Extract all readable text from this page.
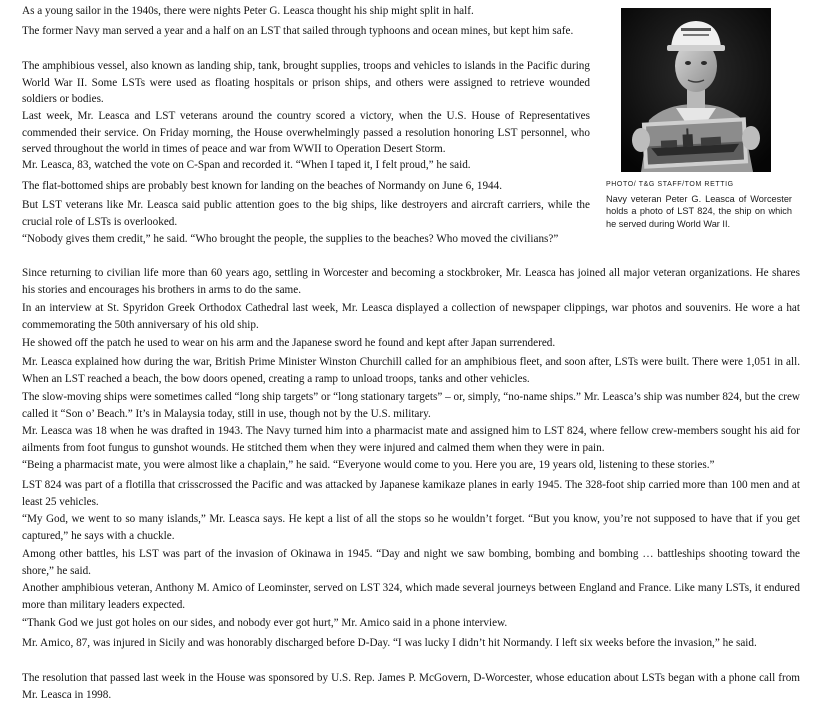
As a young sailor in the 1940s, there were nights Peter G. Leasca thought his ship might split in half.

The former Navy man served a year and a half on an LST that sailed through typhoons and ocean mines, but kept him safe.

The amphibious vessel, also known as landing ship, tank, brought supplies, troops and vehicles to islands in the Pacific during World War II. Some LSTs were used as floating hospitals or prison ships, and others were assigned to retrieve wounded soldiers or bodies.

Last week, Mr. Leasca and LST veterans around the country scored a victory, when the U.S. House of Representatives commended their service. On Friday morning, the House overwhelmingly passed a resolution honoring LST personnel, who served throughout the world in times of peace and war from WWII to Operation Desert Storm.

Mr. Leasca, 83, watched the vote on C-Span and recorded it. “When I taped it, I felt proud,” he said.

The flat-bottomed ships are probably best known for landing on the beaches of Normandy on June 6, 1944.

But LST veterans like Mr. Leasca said public attention goes to the big ships, like destroyers and aircraft carriers, while the crucial role of LSTs is overlooked.

“Nobody gives them credit,” he said. “Who brought the people, the supplies to the beaches? Who moved the civilians?”

Since returning to civilian life more than 60 years ago, settling in Worcester and becoming a stockbroker, Mr. Leasca has joined all major veteran organizations. He shares his stories and encourages his brothers in arms to do the same.

In an interview at St. Spyridon Greek Orthodox Cathedral last week, Mr. Leasca displayed a collection of newspaper clippings, war photos and souvenirs. He wore a hat commemorating the 50th anniversary of his old ship.

He showed off the patch he used to wear on his arm and the Japanese sword he found and kept after Japan surrendered.

Mr. Leasca explained how during the war, British Prime Minister Winston Churchill called for an amphibious fleet, and soon after, LSTs were built. There were 1,051 in all. When an LST reached a beach, the bow doors opened, creating a ramp to unload troops, tanks and other vehicles.

The slow-moving ships were sometimes called “long ship targets” or “long stationary targets” – or, simply, “no-name ships.” Mr. Leasca’s ship was number 824, but the crew called it “Son o’ Beach.” It’s in Malaysia today, still in use, though not by the U.S. military.

Mr. Leasca was 18 when he was drafted in 1943. The Navy turned him into a pharmacist mate and assigned him to LST 824, where fellow crew-members sought his aid for ailments from foot fungus to gunshot wounds. He stitched them when they were injured and calmed them when they were in pain.

“Being a pharmacist mate, you were almost like a chaplain,” he said. “Everyone would come to you. Here you are, 19 years old, listening to these stories.”

LST 824 was part of a flotilla that crisscrossed the Pacific and was attacked by Japanese kamikaze planes in early 1945. The 328-foot ship carried more than 100 men and at least 25 vehicles.

“My God, we went to so many islands,” Mr. Leasca says. He kept a list of all the stops so he wouldn’t forget. “But you know, you’re not supposed to have that if you get captured,” he says with a chuckle.

Among other battles, his LST was part of the invasion of Okinawa in 1945. “Day and night we saw bombing, bombing and bombing … battleships shooting toward the shore,” he said.

Another amphibious veteran, Anthony M. Amico of Leominster, served on LST 324, which made several journeys between England and France. Like many LSTs, it endured more than military leaders expected.

“Thank God we just got holes on our sides, and nobody ever got hurt,” Mr. Amico said in a phone interview.

Mr. Amico, 87, was injured in Sicily and was honorably discharged before D-Day. “I was lucky I didn’t hit Normandy. I left six weeks before the invasion,” he said.

The resolution that passed last week in the House was sponsored by U.S. Rep. James P. McGovern, D-Worcester, whose education about LSTs began with a phone call from Mr. Leasca in 1998.

PHOTO/ T&G STAFF/TOM RETTIG
Navy veteran Peter G. Leasca of Worcester holds a photo of LST 824, the ship on which he served during World War II.
